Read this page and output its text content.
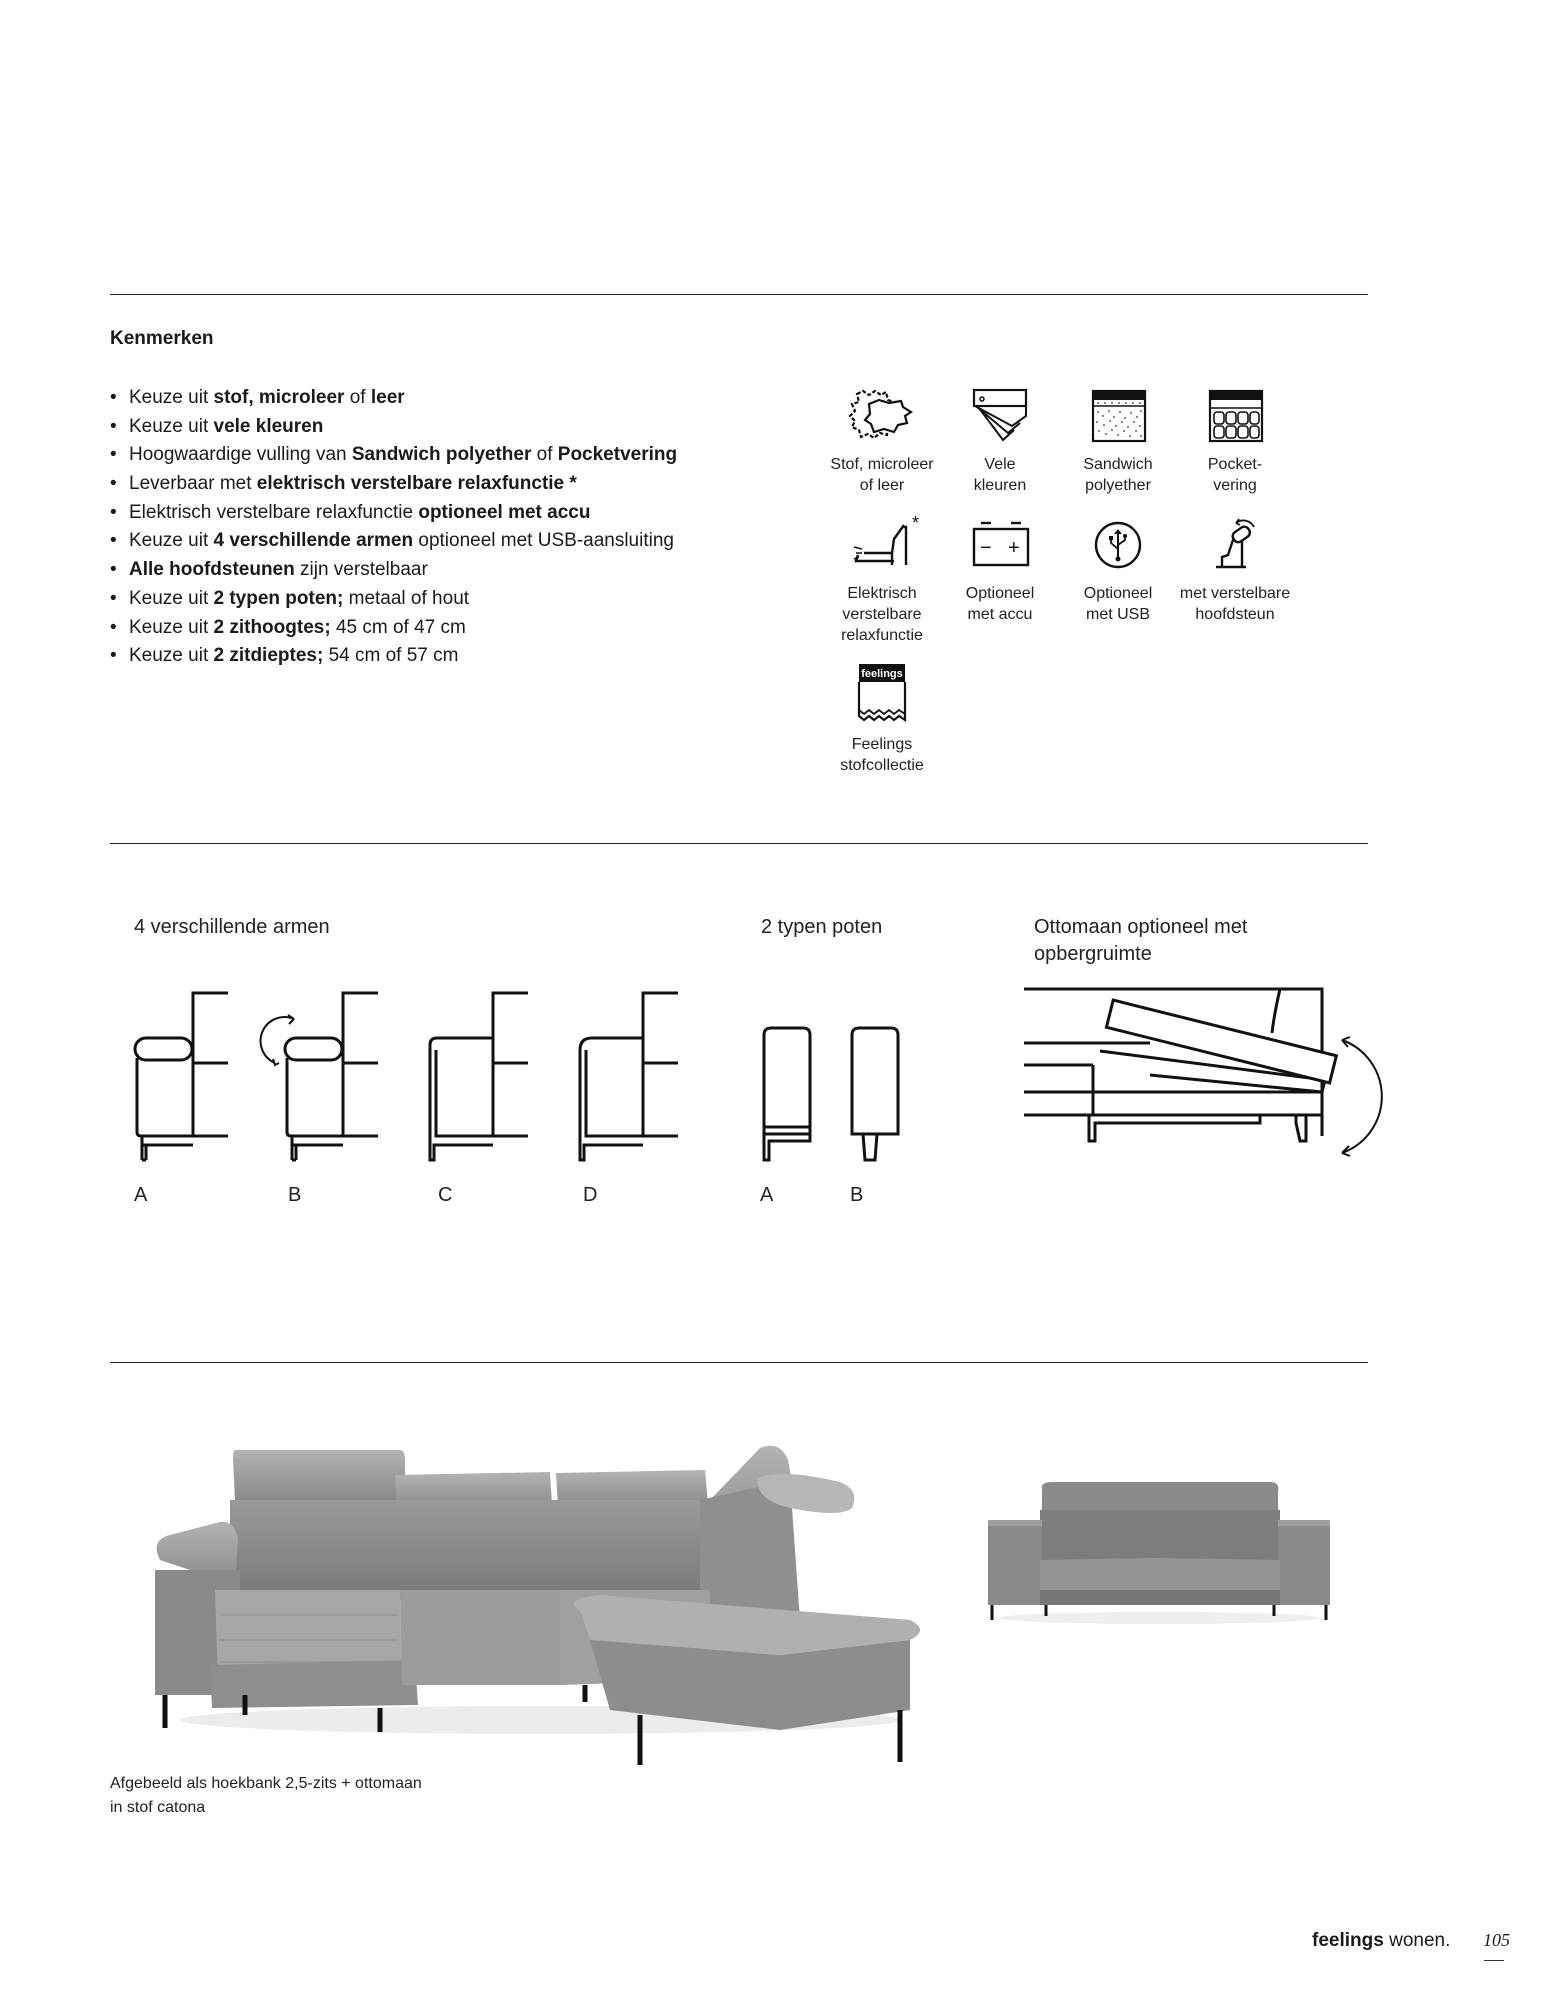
Kenmerken
• Keuze uit stof, microleer of leer
• Keuze uit vele kleuren
• Hoogwaardige vulling van Sandwich polyether of Pocketvering
• Leverbaar met elektrisch verstelbare relaxfunctie *
• Elektrisch verstelbare relaxfunctie optioneel met accu
• Keuze uit 4 verschillende armen optioneel met USB-aansluiting
• Alle hoofdsteunen zijn verstelbaar
• Keuze uit 2 typen poten; metaal of hout
• Keuze uit 2 zithoogtes; 45 cm of 47 cm
• Keuze uit 2 zitdieptes; 54 cm of 57 cm
Stof, microleer
of leer
Vele
kleuren
Sandwich
polyether
Pocket-
vering
*
Elektrisch
verstelbare
relaxfunctie
− +
Optioneel
met accu
Optioneel
met USB
met verstelbare
hoofdsteun
feelings
Feelings
stofcollectie
4 verschillende armen	2 typen poten	Ottomaan optioneel met
opbergruimte
A	B	C	D	A	B
Afgebeeld als hoekbank 2,5-zits + ottomaan
in stof catona
feelings wonen. 105
